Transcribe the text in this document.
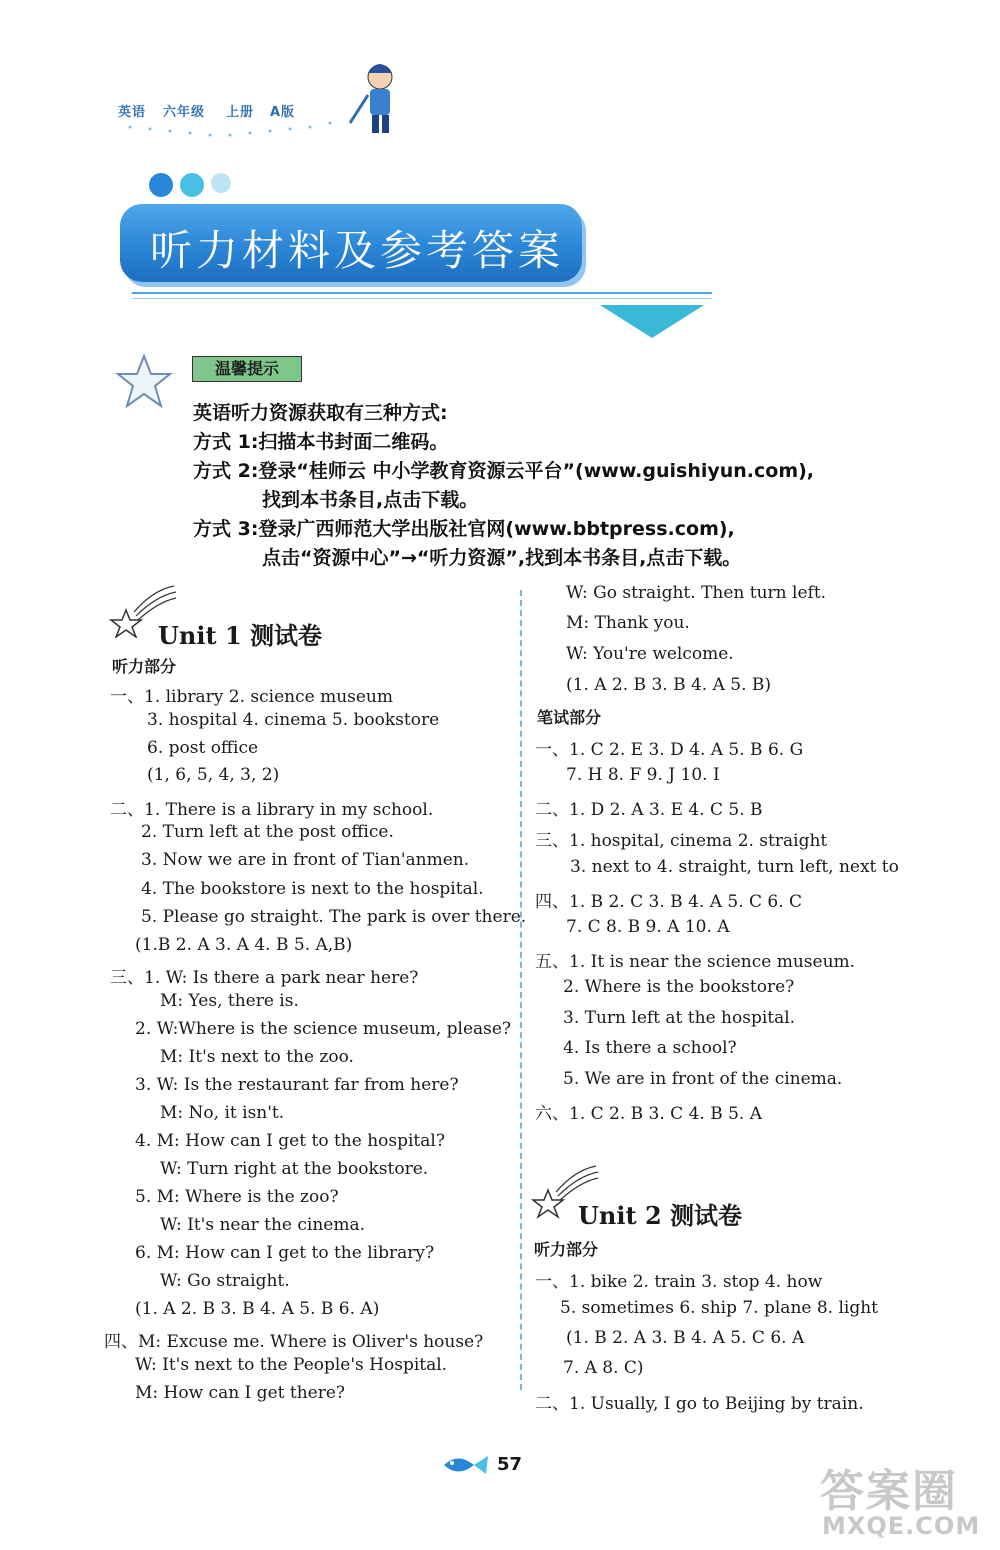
英语 六年级 上册 A版
听力材料及参考答案
温馨提示
英语听力资源获取有三种方式:
方式 1:扫描本书封面二维码。
方式 2:登录“桂师云 中小学教育资源云平台”(www.guishiyun.com),
找到本书条目,点击下载。
方式 3:登录广西师范大学出版社官网(www.bbtpress.com),
点击“资源中心”→“听力资源”,找到本书条目,点击下载。
Unit 1 测试卷
听力部分
一、1. library 2. science museum
3. hospital 4. cinema 5. bookstore
6. post office
(1, 6, 5, 4, 3, 2)
二、1. There is a library in my school.
2. Turn left at the post office.
3. Now we are in front of Tian'anmen.
4. The bookstore is next to the hospital.
5. Please go straight. The park is over there.
(1.B 2. A 3. A 4. B 5. A,B)
三、1. W: Is there a park near here?
M: Yes, there is.
2. W:Where is the science museum, please?
M: It's next to the zoo.
3. W: Is the restaurant far from here?
M: No, it isn't.
4. M: How can I get to the hospital?
W: Turn right at the bookstore.
5. M: Where is the zoo?
W: It's near the cinema.
6. M: How can I get to the library?
W: Go straight.
(1. A 2. B 3. B 4. A 5. B 6. A)
四、M: Excuse me. Where is Oliver's house?
W: It's next to the People's Hospital.
M: How can I get there?
W: Go straight. Then turn left.
M: Thank you.
W: You're welcome.
(1. A 2. B 3. B 4. A 5. B)
笔试部分
一、1. C 2. E 3. D 4. A 5. B 6. G
7. H 8. F 9. J 10. I
二、1. D 2. A 3. E 4. C 5. B
三、1. hospital, cinema 2. straight
3. next to 4. straight, turn left, next to
四、1. B 2. C 3. B 4. A 5. C 6. C
7. C 8. B 9. A 10. A
五、1. It is near the science museum.
2. Where is the bookstore?
3. Turn left at the hospital.
4. Is there a school?
5. We are in front of the cinema.
六、1. C 2. B 3. C 4. B 5. A
Unit 2 测试卷
听力部分
一、1. bike 2. train 3. stop 4. how
5. sometimes 6. ship 7. plane 8. light
(1. B 2. A 3. B 4. A 5. C 6. A
7. A 8. C)
二、1. Usually, I go to Beijing by train.
57
答案圈
MXQE.COM
